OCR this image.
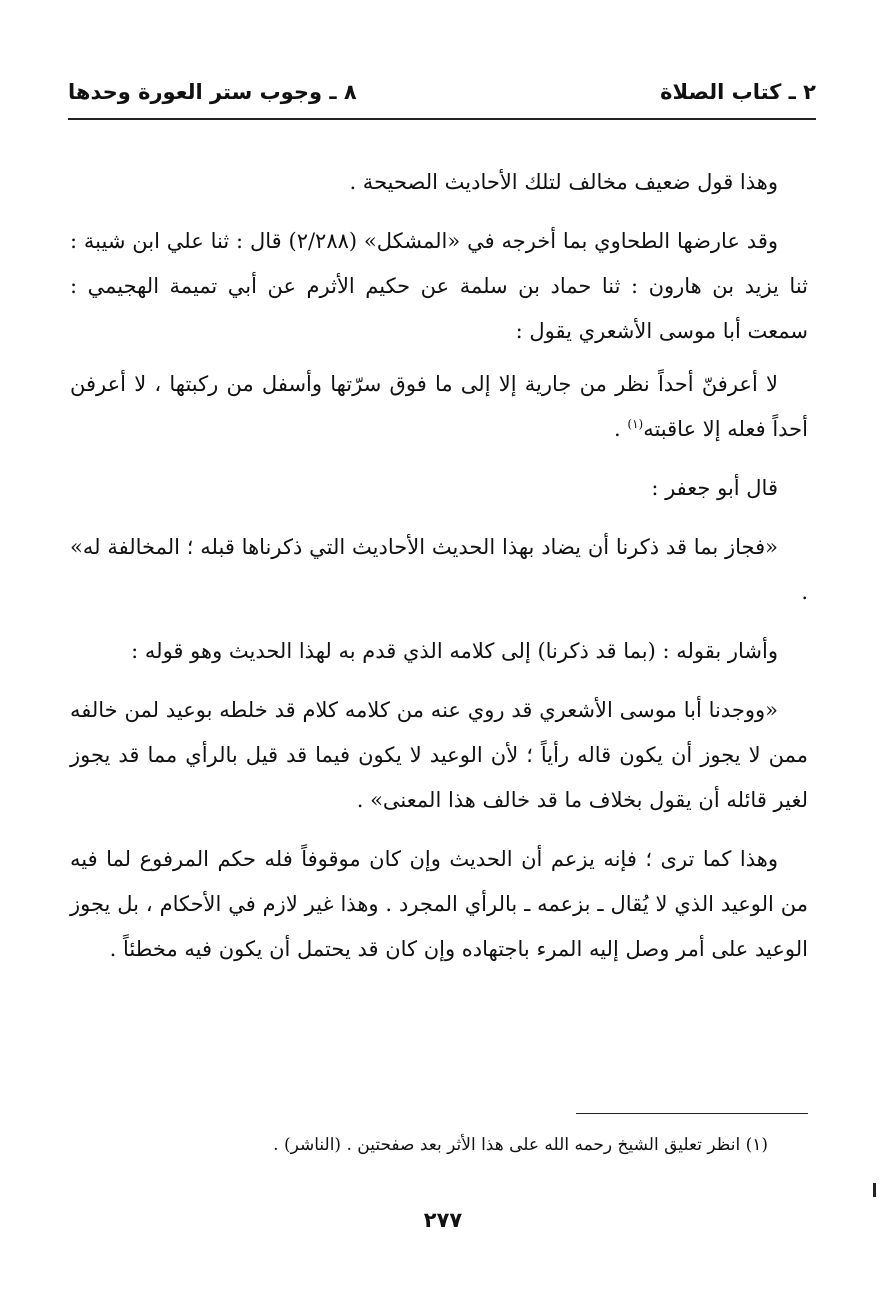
٢ ـ كتاب الصلاة
٨ ـ وجوب ستر العورة وحدها

وهذا قول ضعيف مخالف لتلك الأحاديث الصحيحة .

وقد عارضها الطحاوي بما أخرجه في «المشكل» (٢/٢٨٨) قال : ثنا علي ابن شيبة : ثنا يزيد بن هارون : ثنا حماد بن سلمة عن حكيم الأثرم عن أبي تميمة الهجيمي : سمعت أبا موسى الأشعري يقول :

لا أعرفنّ أحداً نظر من جارية إلا إلى ما فوق سرّتها وأسفل من ركبتها ، لا أعرفن أحداً فعله إلا عاقبته$^{(١)}$ .

قال أبو جعفر :

«فجاز بما قد ذكرنا أن يضاد بهذا الحديث الأحاديث التي ذكرناها قبله ؛ المخالفة له» .

وأشار بقوله : (بما قد ذكرنا) إلى كلامه الذي قدم به لهذا الحديث وهو قوله :

«ووجدنا أبا موسى الأشعري قد روي عنه من كلامه كلام قد خلطه بوعيد لمن خالفه ممن لا يجوز أن يكون قاله رأياً ؛ لأن الوعيد لا يكون فيما قد قيل بالرأي مما قد يجوز لغير قائله أن يقول بخلاف ما قد خالف هذا المعنى» .

وهذا كما ترى ؛ فإنه يزعم أن الحديث وإن كان موقوفاً فله حكم المرفوع لما فيه من الوعيد الذي لا يُقال ـ بزعمه ـ بالرأي المجرد . وهذا غير لازم في الأحكام ، بل يجوز الوعيد على أمر وصل إليه المرء باجتهاده وإن كان قد يحتمل أن يكون فيه مخطئاً .

(١) انظر تعليق الشيخ رحمه الله على هذا الأثر بعد صفحتين . (الناشر) .
٢٧٧
